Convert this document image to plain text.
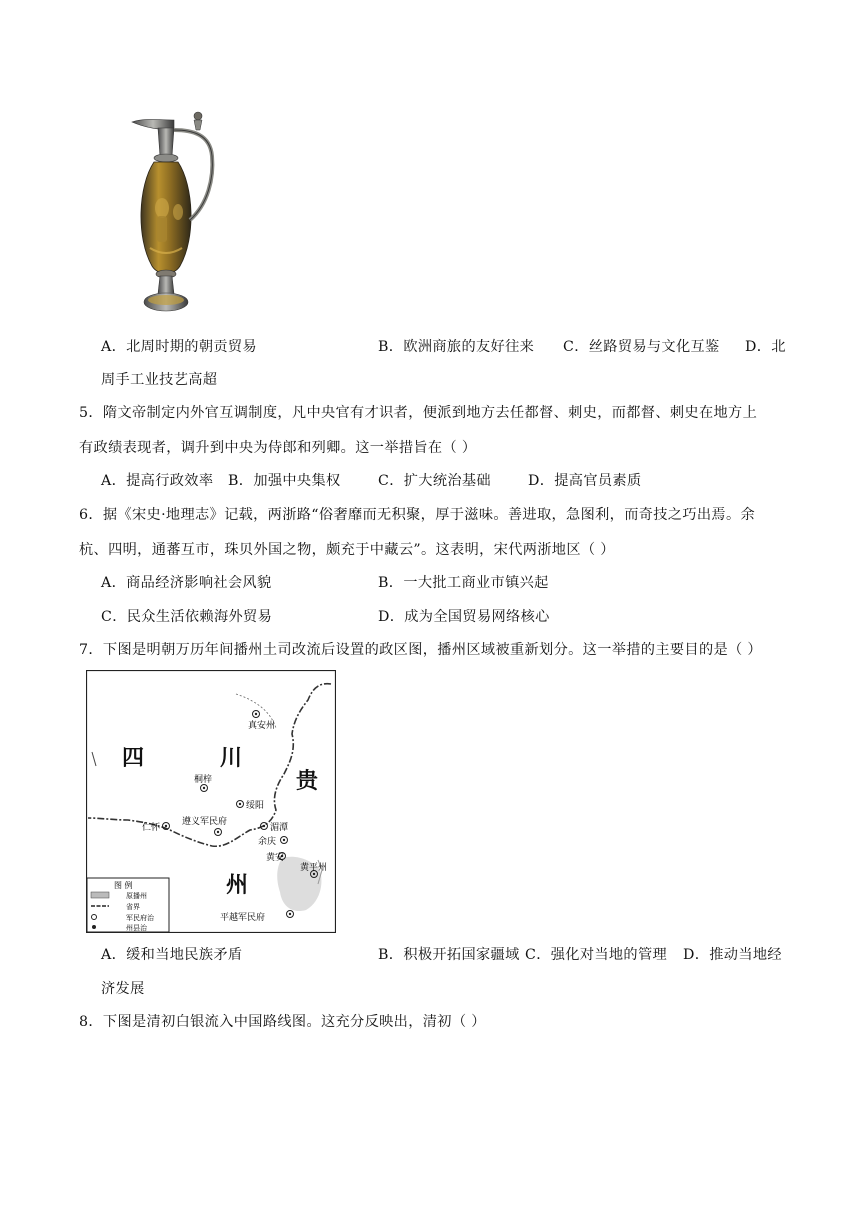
A．北周时期的朝贡贸易	B．欧洲商旅的友好往来 C．丝路贸易与文化互鉴 D．北
周手工业技艺高超
5．隋文帝制定内外官互调制度，凡中央官有才识者，便派到地方去任都督、刺史，而都督、刺史在地方上
有政绩表现者，调升到中央为侍郎和列卿。这一举措旨在（ ）
A．提高行政效率 B．加强中央集权	C．扩大统治基础	D．提高官员素质
6．据《宋史·地理志》记载，两浙路“俗奢靡而无积聚，厚于滋味。善进取，急图利，而奇技之巧出焉。余
杭、四明，通蕃互市，珠贝外国之物，颇充于中藏云”。这表明，宋代两浙地区（ ）
A．商品经济影响社会风貌	B．一大批工商业市镇兴起
C．民众生活依赖海外贸易	D．成为全国贸易网络核心
7．下图是明朝万历年间播州土司改流后设置的政区图，播州区域被重新划分。这一举措的主要目的是（ ）
四	川
贵
州
真安州
桐梓
绥阳
湄潭
遵义军民府
仁怀
余庆
黄安
黄平州
平越军民府
图 例
原播州
省界
军民府治
州县治
A．缓和当地民族矛盾	B．积极开拓国家疆域 C．强化对当地的管理 D．推动当地经
济发展
8．下图是清初白银流入中国路线图。这充分反映出，清初（ ）
